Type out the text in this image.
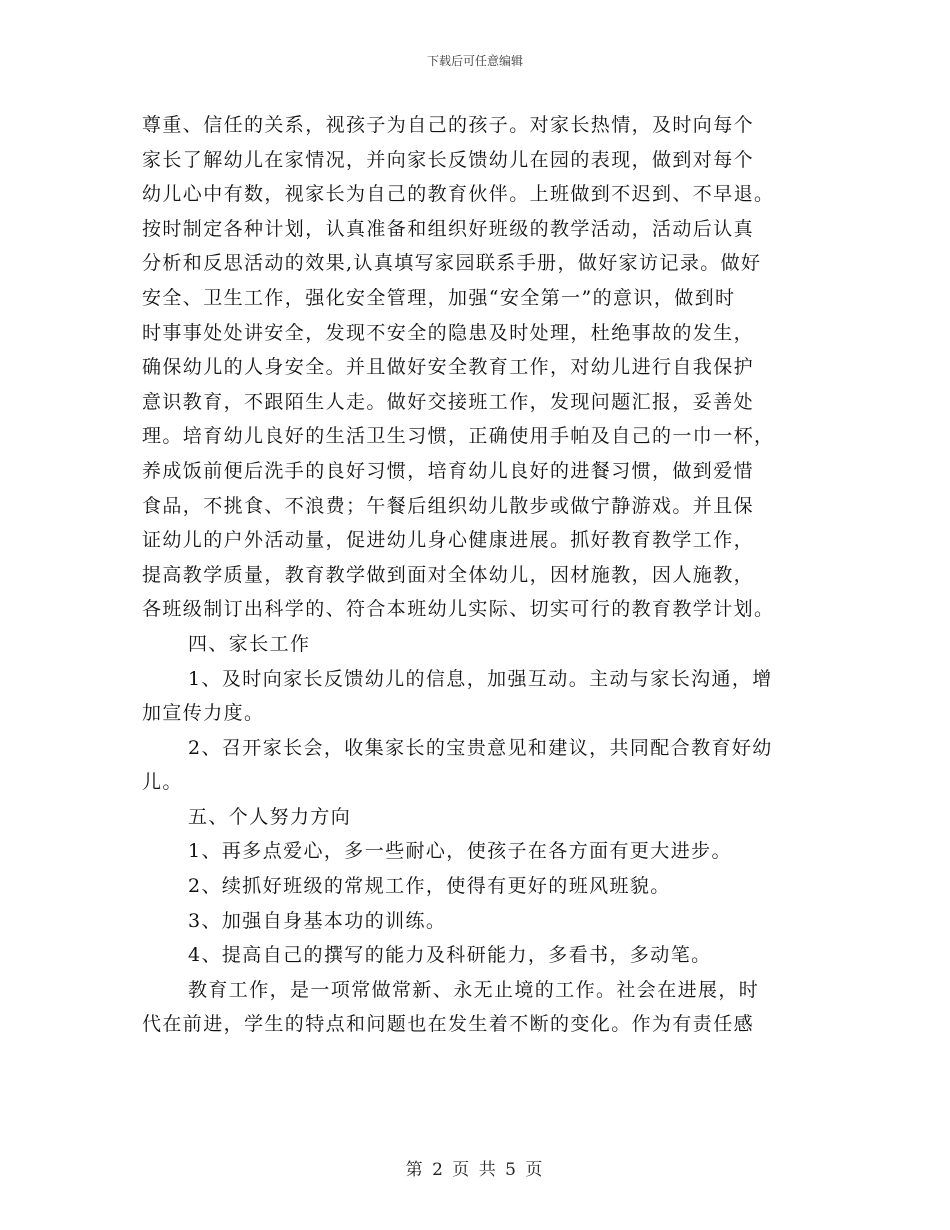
下载后可任意编辑
尊重、信任的关系，视孩子为自己的孩子。对家长热情，及时向每个
家长了解幼儿在家情况，并向家长反馈幼儿在园的表现，做到对每个
幼儿心中有数，视家长为自己的教育伙伴。上班做到不迟到、不早退。
按时制定各种计划，认真准备和组织好班级的教学活动，活动后认真
分析和反思活动的效果,认真填写家园联系手册，做好家访记录。做好
安全、卫生工作，强化安全管理，加强“安全第一”的意识，做到时
时事事处处讲安全，发现不安全的隐患及时处理，杜绝事故的发生，
确保幼儿的人身安全。并且做好安全教育工作，对幼儿进行自我保护
意识教育，不跟陌生人走。做好交接班工作，发现问题汇报，妥善处
理。培育幼儿良好的生活卫生习惯，正确使用手帕及自己的一巾一杯，
养成饭前便后洗手的良好习惯，培育幼儿良好的进餐习惯，做到爱惜
食品，不挑食、不浪费；午餐后组织幼儿散步或做宁静游戏。并且保
证幼儿的户外活动量，促进幼儿身心健康进展。抓好教育教学工作，
提高教学质量，教育教学做到面对全体幼儿，因材施教，因人施教，
各班级制订出科学的、符合本班幼儿实际、切实可行的教育教学计划。
四、家长工作
1、及时向家长反馈幼儿的信息，加强互动。主动与家长沟通，增
加宣传力度。
2、召开家长会，收集家长的宝贵意见和建议，共同配合教育好幼
儿。
五、个人努力方向
1、再多点爱心，多一些耐心，使孩子在各方面有更大进步。
2、续抓好班级的常规工作，使得有更好的班风班貌。
3、加强自身基本功的训练。
4、提高自己的撰写的能力及科研能力，多看书，多动笔。
教育工作，是一项常做常新、永无止境的工作。社会在进展，时
代在前进，学生的特点和问题也在发生着不断的变化。作为有责任感
第 2 页 共 5 页
